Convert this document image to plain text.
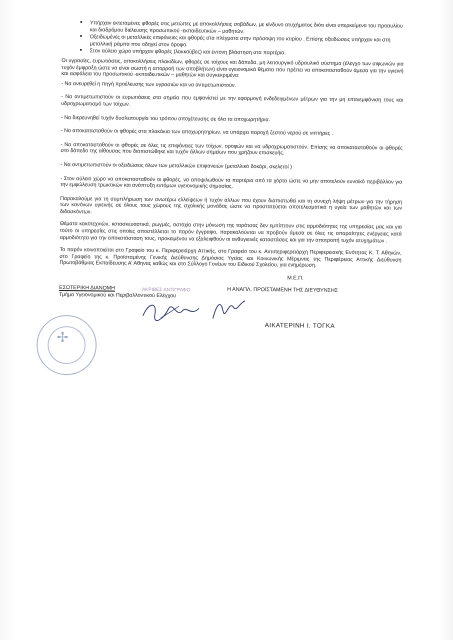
• Υπήρχαν εκτεταμένες φθορές στις μετώπες με αποκολλήσεις σοβάδων, με κίνδυνο ατυχήματος διότι είναι υπερκείμενα του προαυλίου και διαδρόμου διέλευσης προσωπικού -εκπαιδευτικών – μαθητών.
• Οξειδωμένες οι μεταλλικές επιφάνειες και φθορές στα πλέγματα στην πρόσοψη του κτιρίου . Επίσης οξειδώσεις υπήρχαν και στη μεταλλική ράμπα που οδηγεί στον όροφο.
• Στον αύλειο χώρο υπήρχαν φθορές (λακκούβες) και έντονη βλάστηση στα παρτέρια.

Οι υγρασίες, ευρωτιάσεις, αποκολλήσεις πλακιδίων, φθορές σε τοίχους και δάπεδα, μη λειτουργικό υδραυλικό σύστημα (έλεγχο των σιφωνιών για τυχόν έμφραξη ώστε να είναι σωστή η απορροή των αποβλήτων) είναι υγειονομικά θέματα που πρέπει να αποκατασταθούν άμεσα για την υγιεινή και ασφάλεια του προσωπικού -εκπαιδευτικών – μαθητών και συγκεκριμένα:

- Να ανευρεθεί η πηγή προέλευσης των υγρασιών και να αντιμετωπιστούν.

- Να αντιμετωπιστούν οι ευρωτιάσεις στα σημεία που εμφανίστεί με την εφαρμογή ενδεδειγμένων μέτρων για την μη επανεμφάνιση τους και υδροχρωματισμό των τοίχων.

- Να διερευνηθεί τυχόν δυσλειτουργία του τρόπου αποχέτευσης σε όλα τα αποχωρητήρια.

- Να αποκατασταθούν οι φθορές στα πλακάκια των αποχωρητηρίων, να υπάρχει παροχή ζεστού νερού σε νιπτήρες .

- Να αποκατασταθούν οι φθορές σε όλες τις επιφάνειες των τοίχων, οροφών και να υδροχρωματιστούν. Επίσης να αποκατασταθούν οι φθορές στο δάπεδο της αίθουσας που διαπιστώθηκε και τυχόν άλλων σημείων που χρήζουν επισκευής.

- Να αντιμετωπιστούν οι οξειδώσεις όλων των μεταλλικών επιφανειών (μεταλλικό δοκάρι, σκελετοί )

- Στον αύλειο χώρο να αποκατασταθούν οι φθορές, να αποψιλωθούν τα παρτέρια από τα χόρτα ώστε να μην αποτελούν ευνοϊκό περιβάλλον για την εμφώλευση τρωκτικών και ανάπτυξη εντόμων υγειονομικής σημασίας.

Παρακαλούμε για τη συμπλήρωση των ανωτέρω ελλείψεων ή τυχόν άλλων που έχουν διαπιστωθεί και τη συνεχή λήψη μέτρων για την τήρηση των κανόνων υγιεινής σε όλους τους χώρους της σχολικής μονάδας ώστε να προστατεύεται αποτελεσματικά η υγεία των μαθητών και των διδασκόντων.

Θέματα κακοτεχνιών, κατασκευαστικά, ρωγμές, αστοχία στην μόνωση της ταράτσας δεν εμπίπτουν στις αρμοδιότητες της υπηρεσίας μας και για τούτο οι υπηρεσίες στις οποίες αποστέλλεται το παρόν έγγραφο, παρακαλούνται να προβούν άμεσα σε όλες τις απαραίτητες ενέργειες κατά αρμοδιότητα για την αποκατάσταση τους, προκειμένου να εξαλειφθούν οι ανθυγιεινές καταστάσεις και για την αποτροπή τυχόν ατυχημάτων .

Το παρόν κοινοποιείται στο Γραφείο του κ. Περιφερειάρχη Αττικής, στο Γραφείο του κ. Αντιπεριφερειάρχη Περιφερειακής Ενότητας Κ. Τ. Αθηνών, στο Γραφείο της κ. Προϊσταμένης Γενικής Διεύθυνσης Δημόσιας Υγείας και Κοινωνικής Μέριμνας της Περιφέρειας Αττικής Διεύθυνση Πρωτοβάθμιας Εκπαίδευσης Α' Αθηνας καθώς και στο Σύλλογο Γονέων του Ειδικού Σχολείου, για ενημέρωση.

Μ.Ε.Π.
ΕΣΩΤΕΡΙΚΗ ΔΙΑΝΟΜΗ
Τμήμα Υγειονομικού και Περιβαλλοντικού Ελέγχου
Η ΑΝΑΠΛ. ΠΡΟΪΣΤΑΜΕΝΗ ΤΗΣ ΔΙΕΥΘΥΝΣΗΣ
ΑΚΡΙΒΕΣ ΑΝΤΙΓΡΑΦΟ
✢
ΑΙΚΑΤΕΡΙΝΗ Ι. ΤΟΓΚΑ
